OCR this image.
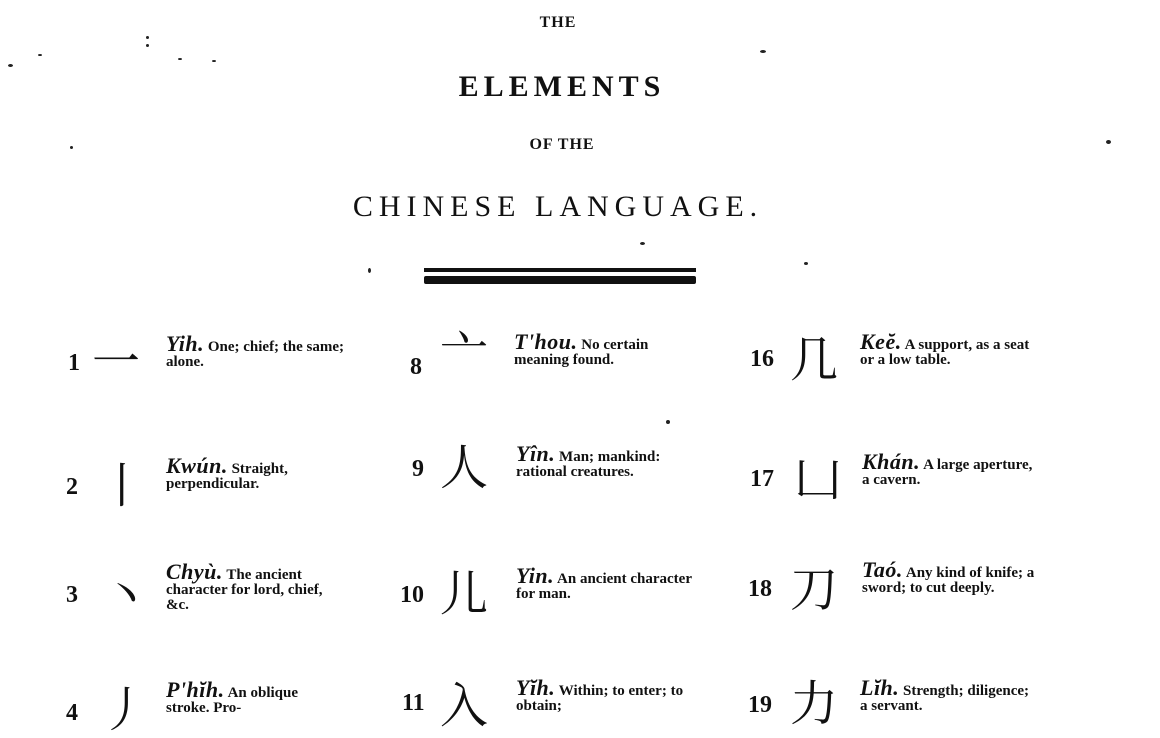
THE
ELEMENTS
OF THE
CHINESE LANGUAGE.
1 一 Yih. One; chief; the same; alone.
2 丨 Kwún. Straight, perpendicular.
3 丶 Chyù. The ancient character for lord, chief, &c.
4 丿 P'hĭh. An oblique stroke. Pro-
8 亠 T'hou. No certain meaning found.
9 人 Yîn. Man; mankind: rational creatures.
10 儿 Yin. An ancient character for man.
11 入 Yĭh. Within; to enter; to obtain;
16 几 Keĕ. A support, as a seat or a low table.
17 凵 Khán. A large aperture, a cavern.
18 刀 Taó. Any kind of knife; a sword; to cut deeply.
19 力 Lĭh. Strength; diligence; a servant.
